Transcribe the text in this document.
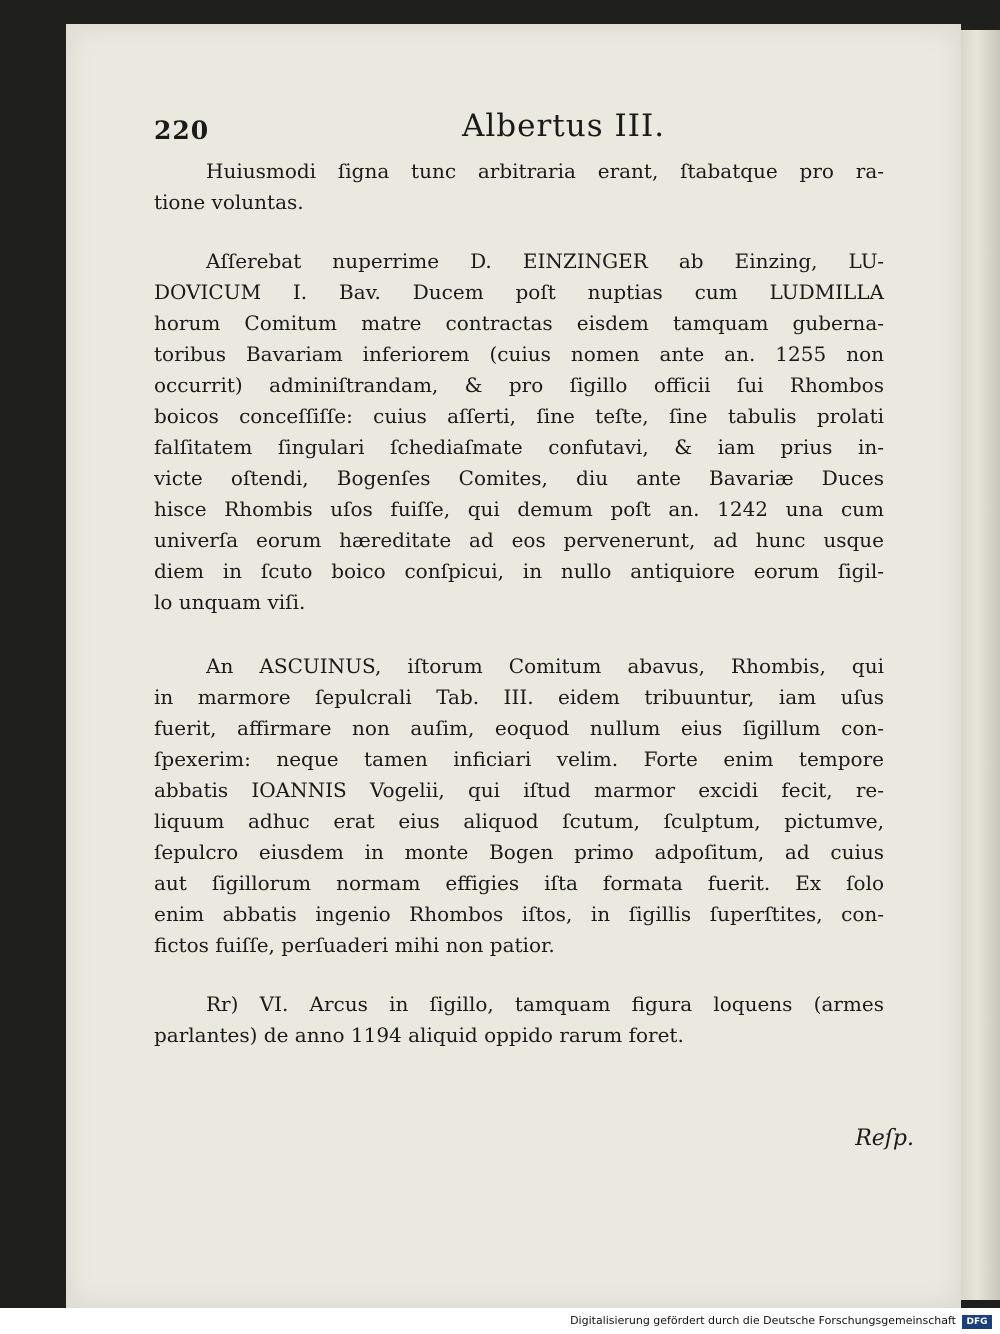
220	Albertus III.
Huiusmodi ſigna tunc arbitraria erant, ſtabatque pro ra-
tione voluntas.
Aſſerebat nuperrime D. EINZINGER ab Einzing, LU-
DOVICUM I. Bav. Ducem poſt nuptias cum LUDMILLA
horum Comitum matre contractas eisdem tamquam guberna-
toribus Bavariam inferiorem (cuius nomen ante an. 1255 non
occurrit) adminiſtrandam, & pro ſigillo officii ſui Rhombos
boicos conceſſiſſe: cuius aſſerti, ſine teſte, ſine tabulis prolati
falſitatem ſingulari ſchediaſmate confutavi, & iam prius in-
victe oſtendi, Bogenſes Comites, diu ante Bavariæ Duces
hisce Rhombis uſos fuiſſe, qui demum poſt an. 1242 una cum
univerſa eorum hæreditate ad eos pervenerunt, ad hunc usque
diem in ſcuto boico conſpicui, in nullo antiquiore eorum ſigil-
lo unquam viſi.
An ASCUINUS, iſtorum Comitum abavus, Rhombis, qui
in marmore ſepulcrali Tab. III. eidem tribuuntur, iam uſus
fuerit, affirmare non auſim, eoquod nullum eius ſigillum con-
ſpexerim: neque tamen inficiari velim. Forte enim tempore
abbatis IOANNIS Vogelii, qui iſtud marmor excidi fecit, re-
liquum adhuc erat eius aliquod ſcutum, ſculptum, pictumve,
ſepulcro eiusdem in monte Bogen primo adpoſitum, ad cuius
aut ſigillorum normam effigies iſta formata fuerit. Ex ſolo
enim abbatis ingenio Rhombos iſtos, in ſigillis ſuperſtites, con-
fictos fuiſſe, perſuaderi mihi non patior.
Rr) VI. Arcus in ſigillo, tamquam figura loquens (armes
parlantes) de anno 1194 aliquid oppido rarum foret.
Reſp.
Digitalisierung gefördert durch die Deutsche Forschungsgemeinschaft	DFG
